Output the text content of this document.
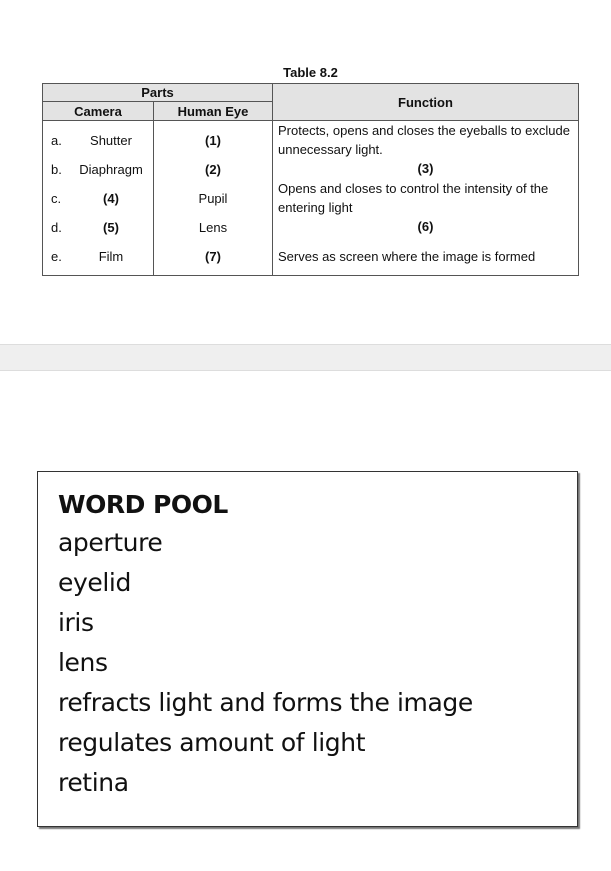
Table 8.2
Parts			Function
Camera		Human Eye	
a.	Shutter	(1)	Protects, opens and closes the eyeballs to exclude unnecessary light.
b.	Diaphragm	(2)	(3)
c.	(4)	Pupil	Opens and closes to control the intensity of the entering light
d.	(5)	Lens	(6)
e.	Film	(7)	Serves as screen where the image is formed
WORD POOL
aperture
eyelid
iris
lens
refracts light and forms the image
regulates amount of light
retina
